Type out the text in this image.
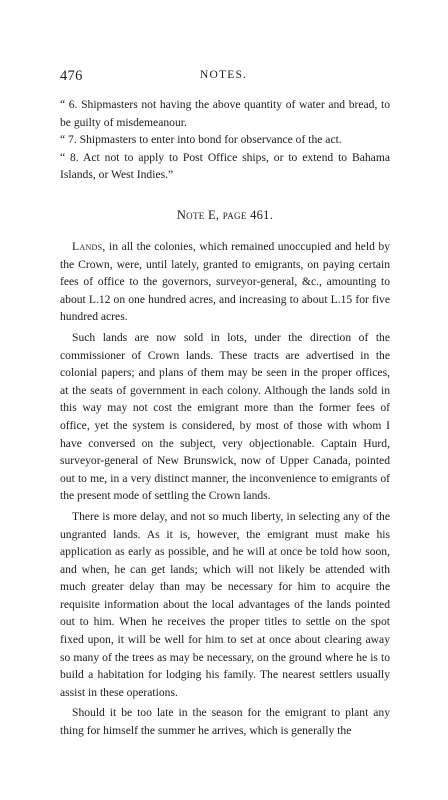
476	NOTES.

“ 6. Shipmasters not having the above quantity of water and bread, to be guilty of misdemeanour.

“ 7. Shipmasters to enter into bond for observance of the act.

“ 8. Act not to apply to Post Office ships, or to extend to Bahama Islands, or West Indies.”

Note E, page 461.

Lands, in all the colonies, which remained unoccupied and held by the Crown, were, until lately, granted to emigrants, on paying certain fees of office to the governors, surveyor-general, &c., amounting to about L.12 on one hundred acres, and increasing to about L.15 for five hundred acres.

Such lands are now sold in lots, under the direction of the commissioner of Crown lands. These tracts are advertised in the colonial papers; and plans of them may be seen in the proper offices, at the seats of government in each colony. Although the lands sold in this way may not cost the emigrant more than the former fees of office, yet the system is considered, by most of those with whom I have conversed on the subject, very objectionable. Captain Hurd, surveyor-general of New Brunswick, now of Upper Canada, pointed out to me, in a very distinct manner, the inconvenience to emigrants of the present mode of settling the Crown lands.

There is more delay, and not so much liberty, in selecting any of the ungranted lands. As it is, however, the emigrant must make his application as early as possible, and he will at once be told how soon, and when, he can get lands; which will not likely be attended with much greater delay than may be necessary for him to acquire the requisite information about the local advantages of the lands pointed out to him. When he receives the proper titles to settle on the spot fixed upon, it will be well for him to set at once about clearing away so many of the trees as may be necessary, on the ground where he is to build a habitation for lodging his family. The nearest settlers usually assist in these operations.

Should it be too late in the season for the emigrant to plant any thing for himself the summer he arrives, which is generally the
